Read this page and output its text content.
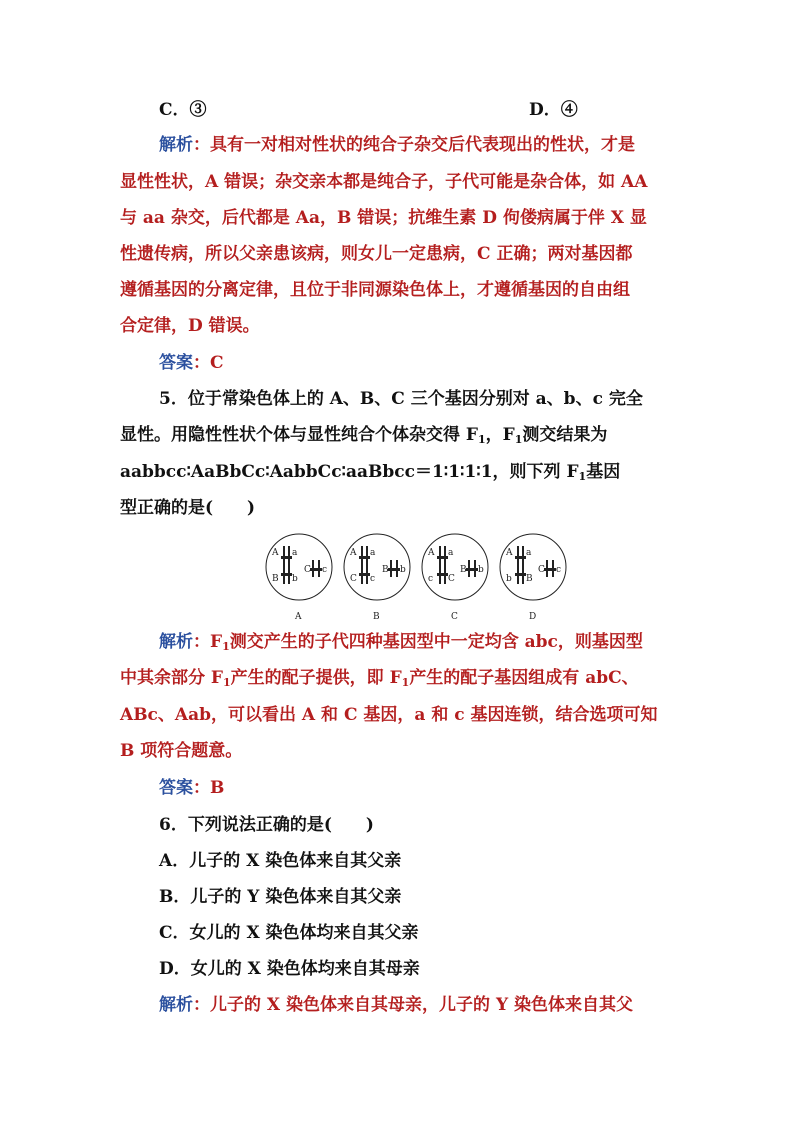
C．③	D．④
解析：具有一对相对性状的纯合子杂交后代表现出的性状，才是
显性性状，A 错误；杂交亲本都是纯合子，子代可能是杂合体，如 AA
与 aa 杂交，后代都是 Aa，B 错误；抗维生素 D 佝偻病属于伴 X 显
性遗传病，所以父亲患该病，则女儿一定患病，C 正确；两对基因都
遵循基因的分离定律，且位于非同源染色体上，才遵循基因的自由组
合定律，D 错误。
答案：C
5．位于常染色体上的 A、B、C 三个基因分别对 a、b、c 完全
显性。用隐性性状个体与显性纯合个体杂交得 $F_1$，$F_1$测交结果为
aabbcc∶AaBbCc∶AabbCc∶aaBbcc＝1∶1∶1∶1，则下列 $F_1$基因
型正确的是(　　)
A a
B b
C c
A
A a
C c
B b
B
A a
c C
B b
C
A a
b B
C c
D
解析：$F_1$测交产生的子代四种基因型中一定均含 abc，则基因型
中其余部分 $F_1$产生的配子提供，即 $F_1$产生的配子基因组成有 abC、
ABc、Aab，可以看出 A 和 C 基因，a 和 c 基因连锁，结合选项可知
B 项符合题意。
答案：B
6．下列说法正确的是(　　)
A．儿子的 X 染色体来自其父亲
B．儿子的 Y 染色体来自其父亲
C．女儿的 X 染色体均来自其父亲
D．女儿的 X 染色体均来自其母亲
解析：儿子的 X 染色体来自其母亲，儿子的 Y 染色体来自其父
